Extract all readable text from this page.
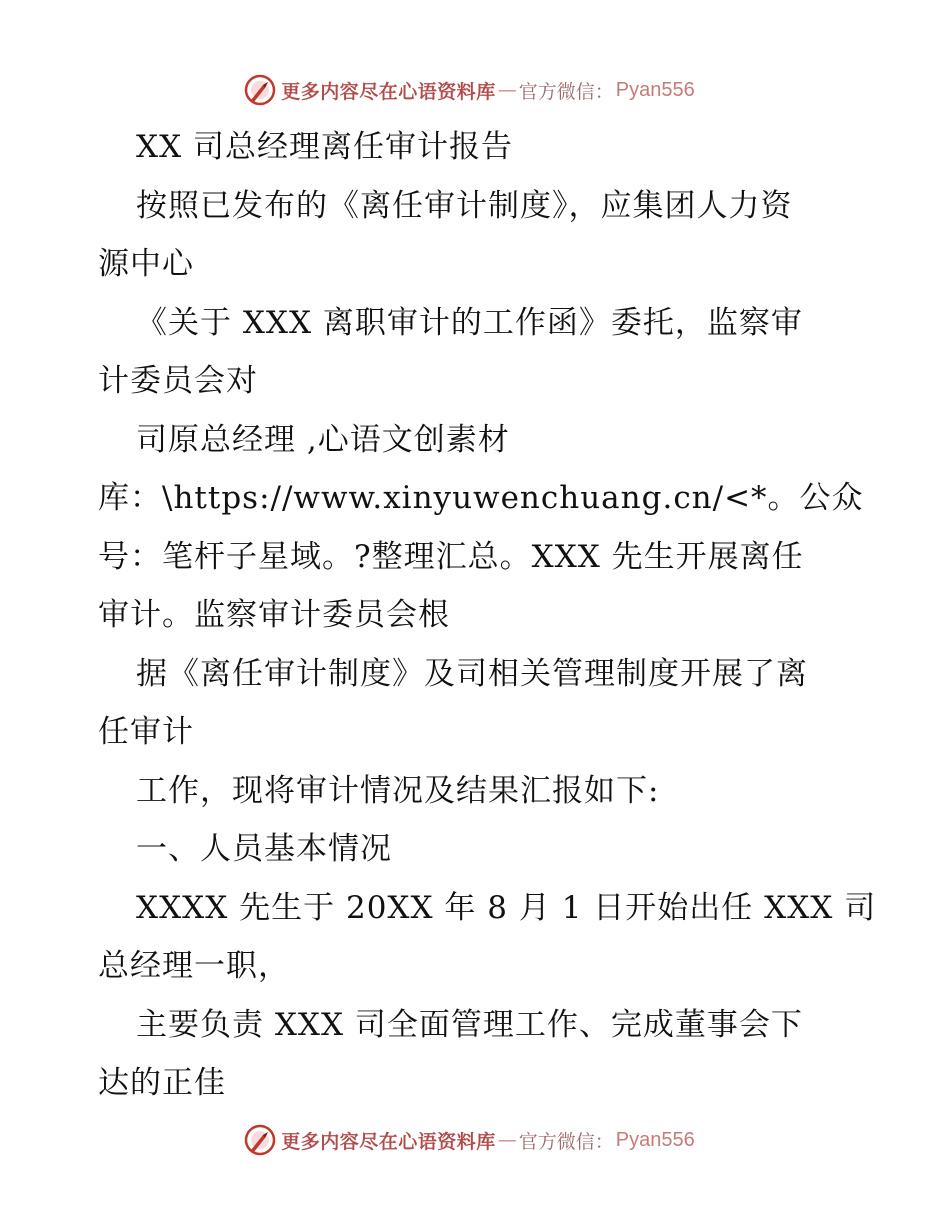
更多内容尽在心语资料库 — 官方微信： Pyan556
XX 司总经理离任审计报告
按照已发布的《离任审计制度》，应集团人力资
源中心
《关于 XXX 离职审计的工作函》委托，监察审
计委员会对
司原总经理 ,心语文创素材
库：\https://www.xinyuwenchuang.cn/<*。公众
号：笔杆子星域。?整理汇总。XXX 先生开展离任
审计。监察审计委员会根
据《离任审计制度》及司相关管理制度开展了离
任审计
工作，现将审计情况及结果汇报如下:
一、人员基本情况
XXXX 先生于 20XX 年 8 月 1 日开始出任 XXX 司
总经理一职，
主要负责 XXX 司全面管理工作、完成董事会下
达的正佳
更多内容尽在心语资料库 — 官方微信： Pyan556
